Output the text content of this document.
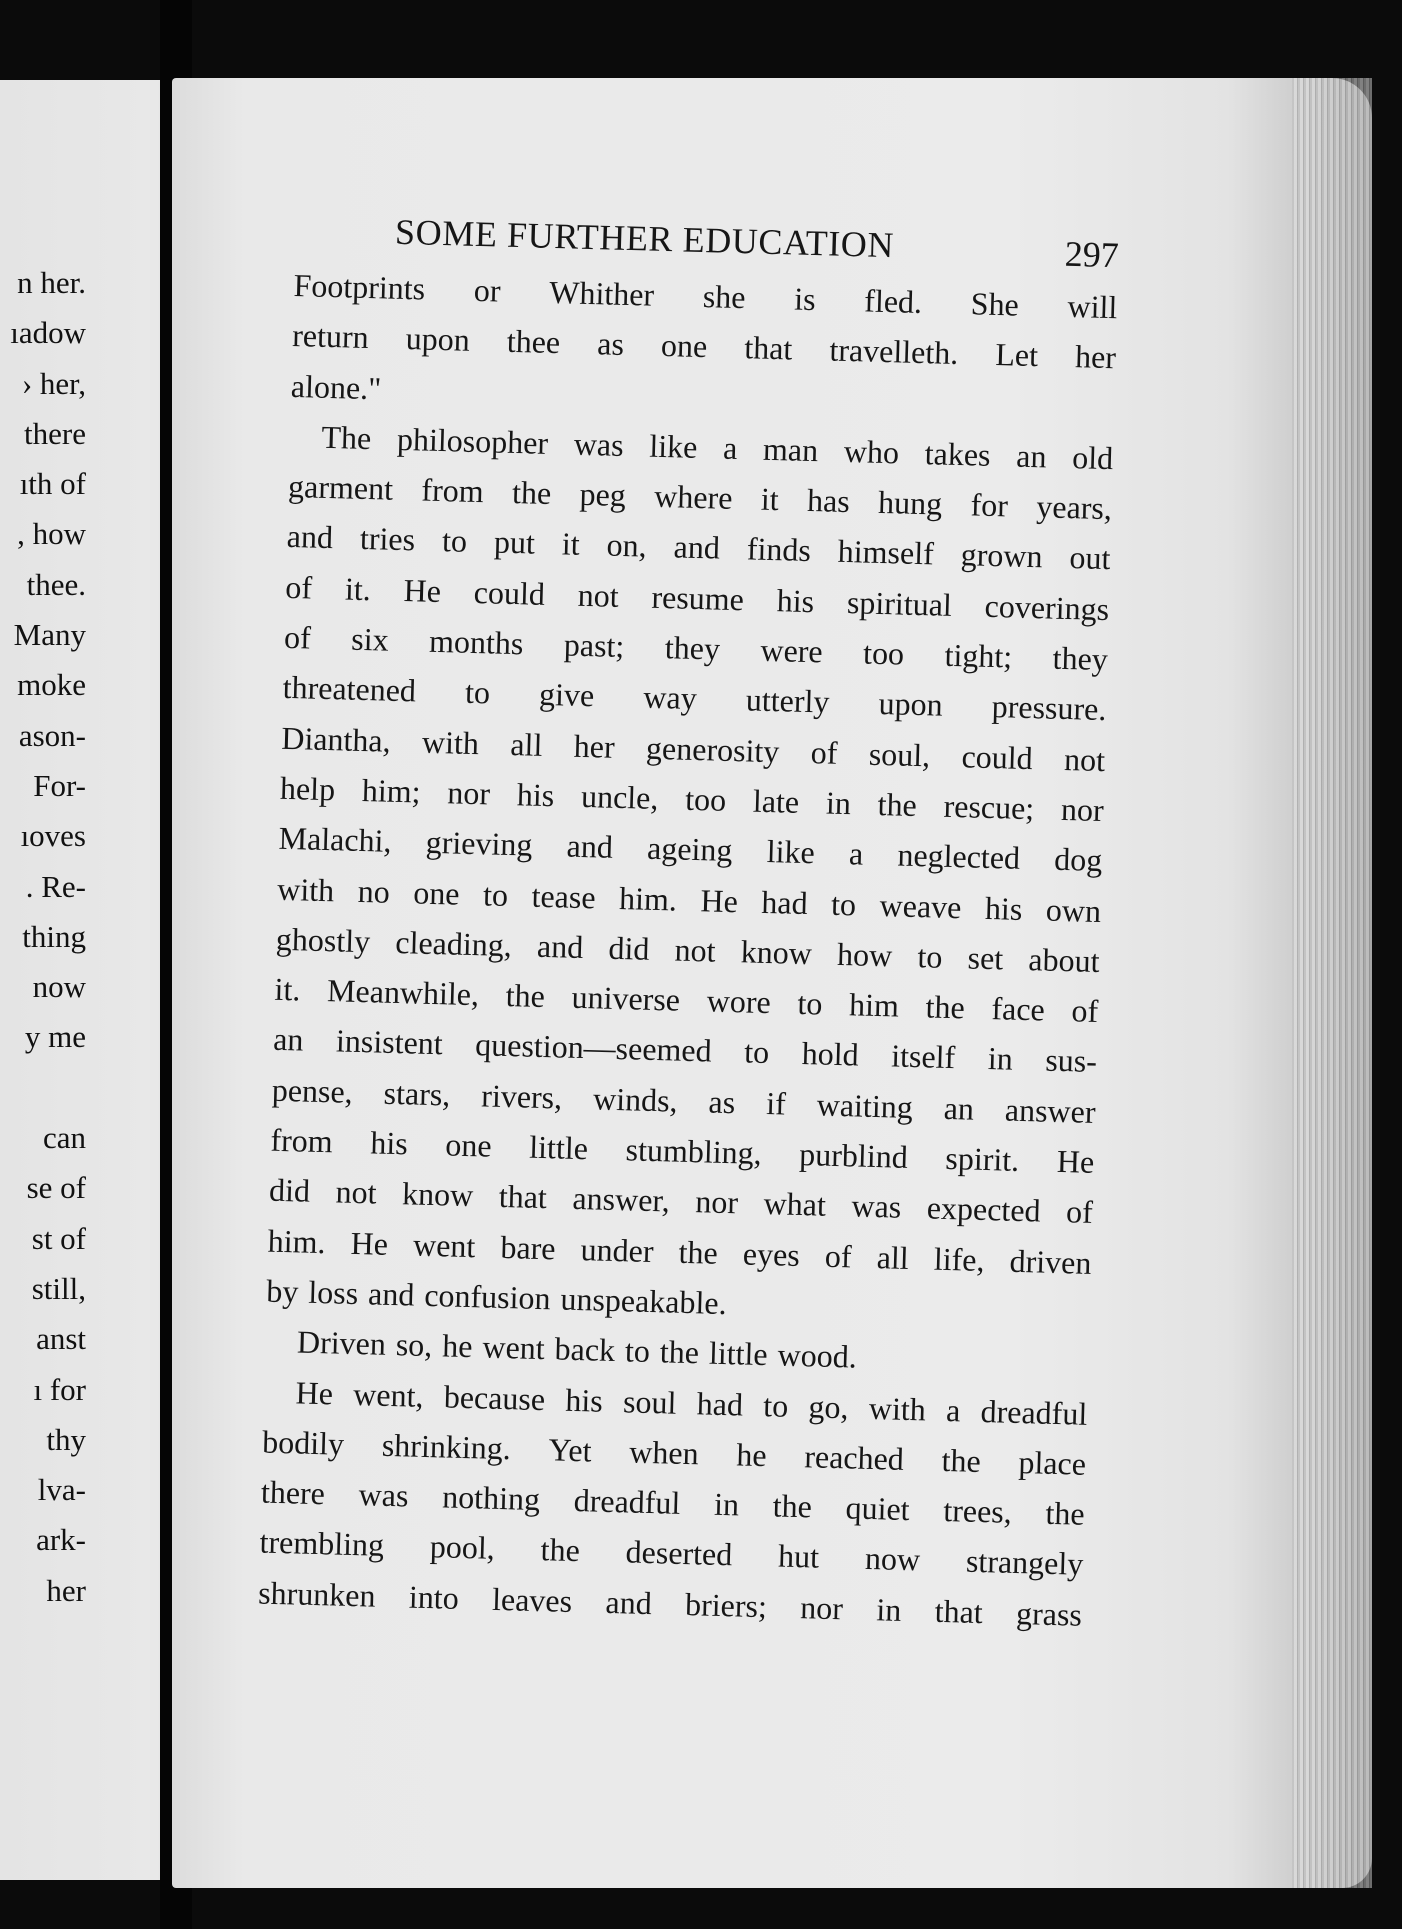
n her.
ıadow
› her,
there
ıth of
, how
thee.
Many
moke
ason-
For-
ıoves
. Re-
thing
now
y me
can
se of
st of
still,
anst
ı for
thy
lva-
ark-
her
SOME FURTHER EDUCATION	297
Footprints or Whither she is fled. She will
return upon thee as one that travelleth. Let her
alone."
The philosopher was like a man who takes an old
garment from the peg where it has hung for years,
and tries to put it on, and finds himself grown out
of it. He could not resume his spiritual coverings
of six months past; they were too tight; they
threatened to give way utterly upon pressure.
Diantha, with all her generosity of soul, could not
help him; nor his uncle, too late in the rescue; nor
Malachi, grieving and ageing like a neglected dog
with no one to tease him. He had to weave his own
ghostly cleading, and did not know how to set about
it. Meanwhile, the universe wore to him the face of
an insistent question—seemed to hold itself in sus-
pense, stars, rivers, winds, as if waiting an answer
from his one little stumbling, purblind spirit. He
did not know that answer, nor what was expected of
him. He went bare under the eyes of all life, driven
by loss and confusion unspeakable.
Driven so, he went back to the little wood.
He went, because his soul had to go, with a dreadful
bodily shrinking. Yet when he reached the place
there was nothing dreadful in the quiet trees, the
trembling pool, the deserted hut now strangely
shrunken into leaves and briers; nor in that grass
